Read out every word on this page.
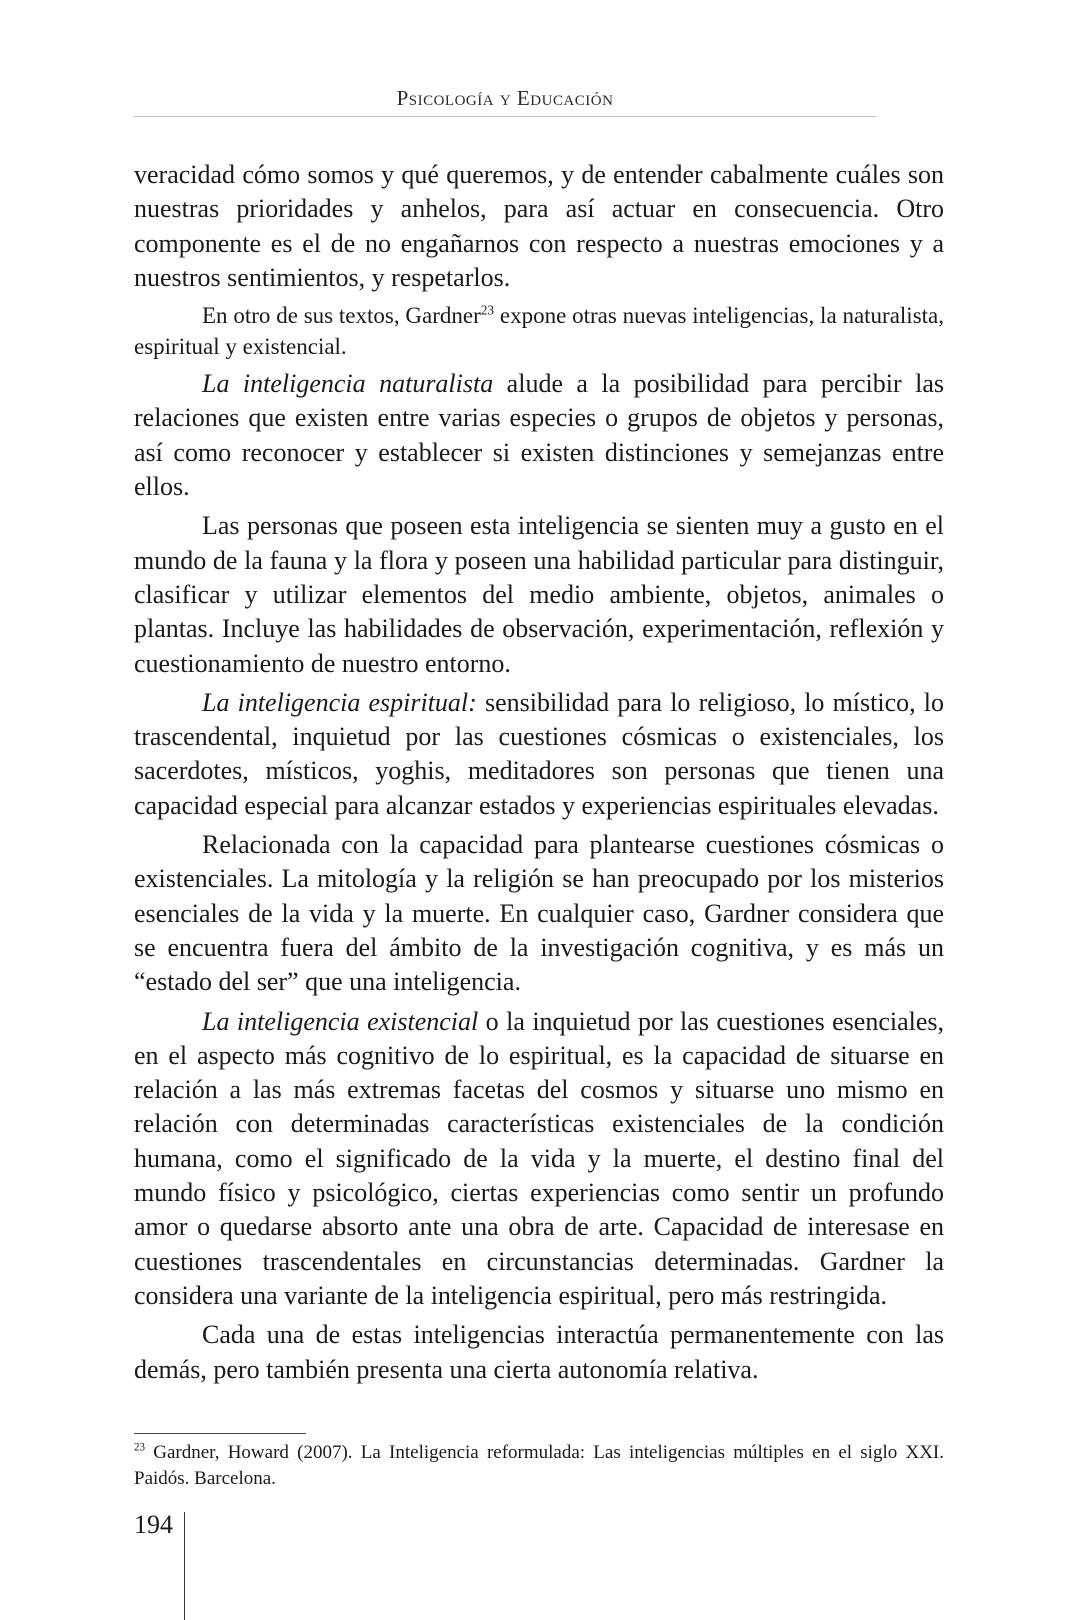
Psicología y Educación

veracidad cómo somos y qué queremos, y de entender cabalmente cuáles son nuestras prioridades y anhelos, para así actuar en consecuencia. Otro componente es el de no engañarnos con respecto a nuestras emociones y a nuestros sentimientos, y respetarlos.

En otro de sus textos, Gardner$^{23}$ expone otras nuevas inteligencias, la naturalista, espiritual y existencial.

La inteligencia naturalista alude a la posibilidad para percibir las relaciones que existen entre varias especies o grupos de objetos y personas, así como reconocer y establecer si existen distinciones y semejanzas entre ellos.

Las personas que poseen esta inteligencia se sienten muy a gusto en el mundo de la fauna y la flora y poseen una habilidad particular para distinguir, clasificar y utilizar elementos del medio ambiente, objetos, animales o plantas. Incluye las habilidades de observación, experimentación, reflexión y cuestionamiento de nuestro entorno.

La inteligencia espiritual: sensibilidad para lo religioso, lo místico, lo trascendental, inquietud por las cuestiones cósmicas o existenciales, los sacerdotes, místicos, yoghis, meditadores son personas que tienen una capacidad especial para alcanzar estados y experiencias espirituales elevadas.

Relacionada con la capacidad para plantearse cuestiones cósmicas o existenciales. La mitología y la religión se han preocupado por los misterios esenciales de la vida y la muerte. En cualquier caso, Gardner considera que se encuentra fuera del ámbito de la investigación cognitiva, y es más un “estado del ser” que una inteligencia.

La inteligencia existencial o la inquietud por las cuestiones esenciales, en el aspecto más cognitivo de lo espiritual, es la capacidad de situarse en relación a las más extremas facetas del cosmos y situarse uno mismo en relación con determinadas características existenciales de la condición humana, como el significado de la vida y la muerte, el destino final del mundo físico y psicológico, ciertas experiencias como sentir un profundo amor o quedarse absorto ante una obra de arte. Capacidad de interesase en cuestiones trascendentales en circunstancias determinadas. Gardner la considera una variante de la inteligencia espiritual, pero más restringida.

Cada una de estas inteligencias interactúa permanentemente con las demás, pero también presenta una cierta autonomía relativa.

$^{23}$ Gardner, Howard (2007). La Inteligencia reformulada: Las inteligencias múltiples en el siglo XXI. Paidós. Barcelona.
194
